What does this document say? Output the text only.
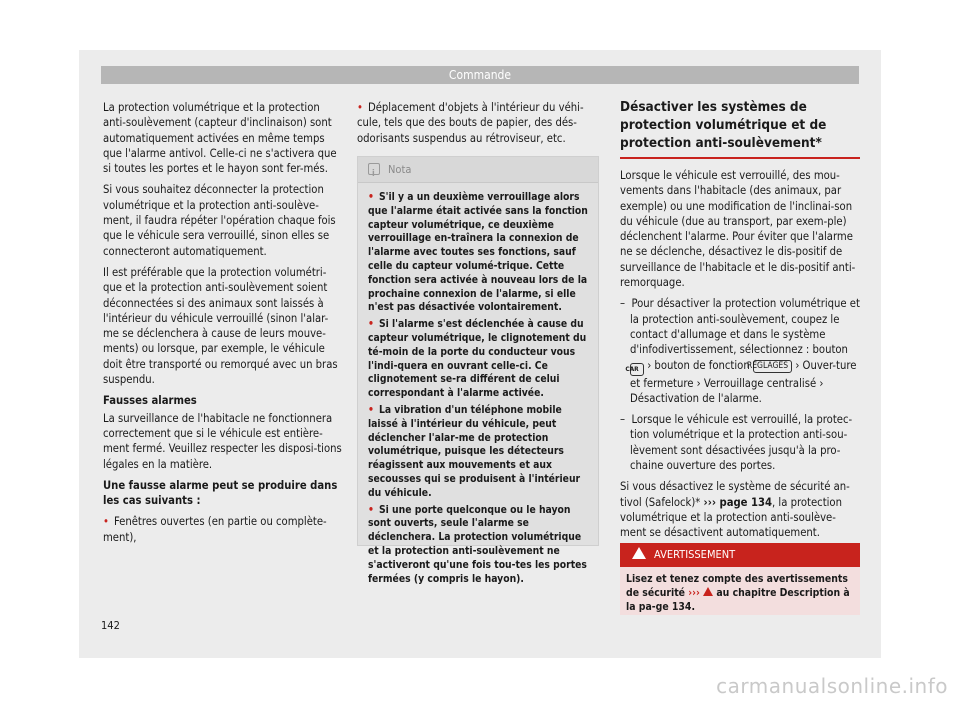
Commande

La protection volumétrique et la protection anti-soulèvement (capteur d'inclinaison) sont automatiquement activées en même temps que l'alarme antivol. Celle-ci ne s'activera que si toutes les portes et le hayon sont fer-més.

Si vous souhaitez déconnecter la protection volumétrique et la protection anti-soulève-ment, il faudra répéter l'opération chaque fois que le véhicule sera verrouillé, sinon elles se connecteront automatiquement.

Il est préférable que la protection volumétri-que et la protection anti-soulèvement soient déconnectées si des animaux sont laissés à l'intérieur du véhicule verrouillé (sinon l'alar-me se déclenchera à cause de leurs mouve-ments) ou lorsque, par exemple, le véhicule doit être transporté ou remorqué avec un bras suspendu.

Fausses alarmes

La surveillance de l'habitacle ne fonctionnera correctement que si le véhicule est entière-ment fermé. Veuillez respecter les disposi-tions légales en la matière.

Une fausse alarme peut se produire dans les cas suivants :

• Fenêtres ouvertes (en partie ou complète-ment),

• Déplacement d'objets à l'intérieur du véhi-cule, tels que des bouts de papier, des dés-odorisants suspendus au rétroviseur, etc.

iNota

• S'il y a un deuxième verrouillage alors que l'alarme était activée sans la fonction capteur volumétrique, ce deuxième verrouillage en-traînera la connexion de l'alarme avec toutes ses fonctions, sauf celle du capteur volumé-trique. Cette fonction sera activée à nouveau lors de la prochaine connexion de l'alarme, si elle n'est pas désactivée volontairement.

• Si l'alarme s'est déclenchée à cause du capteur volumétrique, le clignotement du té-moin de la porte du conducteur vous l'indi-quera en ouvrant celle-ci. Ce clignotement se-ra différent de celui correspondant à l'alarme activée.

• La vibration d'un téléphone mobile laissé à l'intérieur du véhicule, peut déclencher l'alar-me de protection volumétrique, puisque les détecteurs réagissent aux mouvements et aux secousses qui se produisent à l'intérieur du véhicule.

• Si une porte quelconque ou le hayon sont ouverts, seule l'alarme se déclenchera. La protection volumétrique et la protection anti-soulèvement ne s'activeront qu'une fois tou-tes les portes fermées (y compris le hayon).

Désactiver les systèmes de protection volumétrique et de protection anti-soulèvement*

Lorsque le véhicule est verrouillé, des mou-vements dans l'habitacle (des animaux, par exemple) ou une modification de l'inclinai-son du véhicule (due au transport, par exem-ple) déclenchent l'alarme. Pour éviter que l'alarme ne se déclenche, désactivez le dis-positif de surveillance de l'habitacle et le dis-positif anti-remorquage.

–  Pour désactiver la protection volumétrique et la protection anti-soulèvement, coupez le contact d'allumage et dans le système d'infodivertissement, sélectionnez : bouton CAR › bouton de fonction RÉGLAGES › Ouver-ture et fermeture › Verrouillage centralisé › Désactivation de l'alarme.

–  Lorsque le véhicule est verrouillé, la protec-tion volumétrique et la protection anti-sou-lèvement sont désactivées jusqu'à la pro-chaine ouverture des portes.

Si vous désactivez le système de sécurité an-tivol (Safelock)* ››› page 134, la protection volumétrique et la protection anti-soulève-ment se désactivent automatiquement.

AVERTISSEMENT
Lisez et tenez compte des avertissements de sécurité ››› au chapitre Description à la pa-ge 134.
142
carmanualsonline.info
